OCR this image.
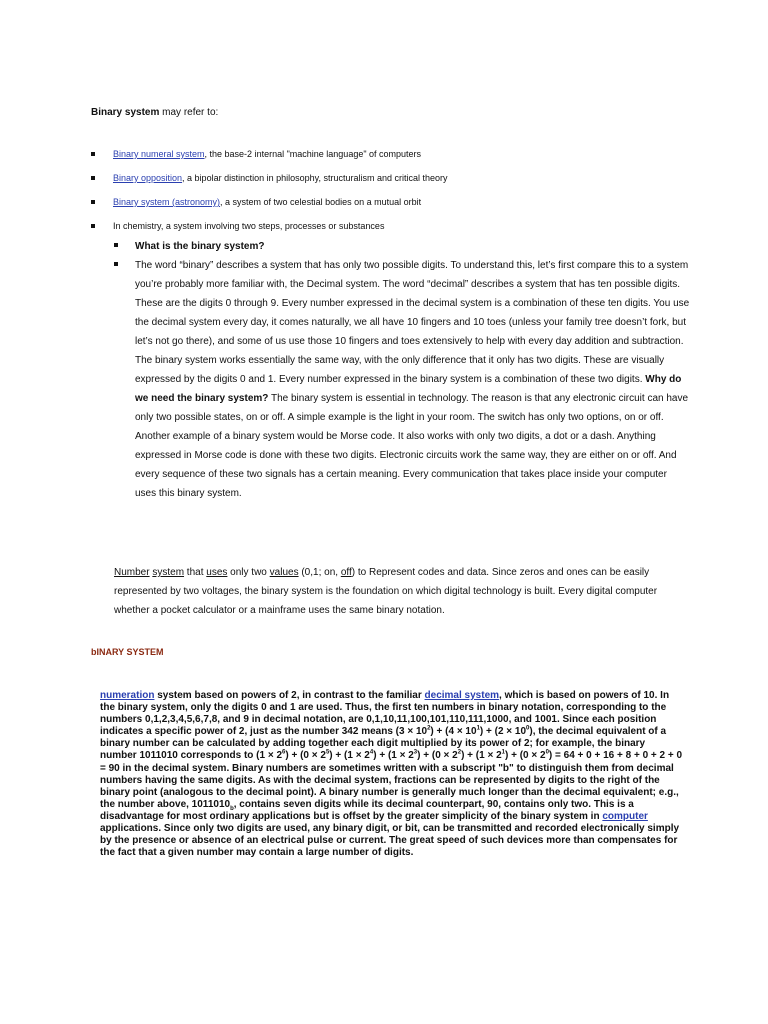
Binary system may refer to:
Binary numeral system, the base-2 internal "machine language" of computers
Binary opposition, a bipolar distinction in philosophy, structuralism and critical theory
Binary system (astronomy), a system of two celestial bodies on a mutual orbit
In chemistry, a system involving two steps, processes or substances
What is the binary system?
The word “binary” describes a system that has only two possible digits. To understand this, let’s first compare this to a system you’re probably more familiar with, the Decimal system. The word “decimal” describes a system that has ten possible digits. These are the digits 0 through 9. Every number expressed in the decimal system is a combination of these ten digits. You use the decimal system every day, it comes naturally, we all have 10 fingers and 10 toes (unless your family tree doesn’t fork, but let’s not go there), and some of us use those 10 fingers and toes extensively to help with every day addition and subtraction. The binary system works essentially the same way, with the only difference that it only has two digits. These are visually expressed by the digits 0 and 1. Every number expressed in the binary system is a combination of these two digits. Why do we need the binary system? The binary system is essential in technology. The reason is that any electronic circuit can have only two possible states, on or off. A simple example is the light in your room. The switch has only two options, on or off. Another example of a binary system would be Morse code. It also works with only two digits, a dot or a dash. Anything expressed in Morse code is done with these two digits. Electronic circuits work the same way, they are either on or off. And every sequence of these two signals has a certain meaning. Every communication that takes place inside your computer uses this binary system.
Number system that uses only two values (0,1; on, off) to Represent codes and data. Since zeros and ones can be easily represented by two voltages, the binary system is the foundation on which digital technology is built. Every digital computer whether a pocket calculator or a mainframe uses the same binary notation.
bINARY SYSTEM
numeration system based on powers of 2, in contrast to the familiar decimal system, which is based on powers of 10. In the binary system, only the digits 0 and 1 are used. Thus, the first ten numbers in binary notation, corresponding to the numbers 0,1,2,3,4,5,6,7,8, and 9 in decimal notation, are 0,1,10,11,100,101,110,111,1000, and 1001. Since each position indicates a specific power of 2, just as the number 342 means $(3 \times 10^2) + (4 \times 10^1) + (2 \times 10^0)$, the decimal equivalent of a binary number can be calculated by adding together each digit multiplied by its power of 2; for example, the binary number 1011010 corresponds to $(1 \times 2^6) + (0 \times 2^5) + (1 \times 2^4) + (1 \times 2^3) + (0 \times 2^2) + (1 \times 2^1) + (0 \times 2^0) = 64 + 0 + 16 + 8 + 0 + 2 + 0 = 90$ in the decimal system. Binary numbers are sometimes written with a subscript "b" to distinguish them from decimal numbers having the same digits. As with the decimal system, fractions can be represented by digits to the right of the binary point (analogous to the decimal point). A binary number is generally much longer than the decimal equivalent; e.g., the number above, $1011010_b$, contains seven digits while its decimal counterpart, 90, contains only two. This is a disadvantage for most ordinary applications but is offset by the greater simplicity of the binary system in computer applications. Since only two digits are used, any binary digit, or bit, can be transmitted and recorded electronically simply by the presence or absence of an electrical pulse or current. The great speed of such devices more than compensates for the fact that a given number may contain a large number of digits.
